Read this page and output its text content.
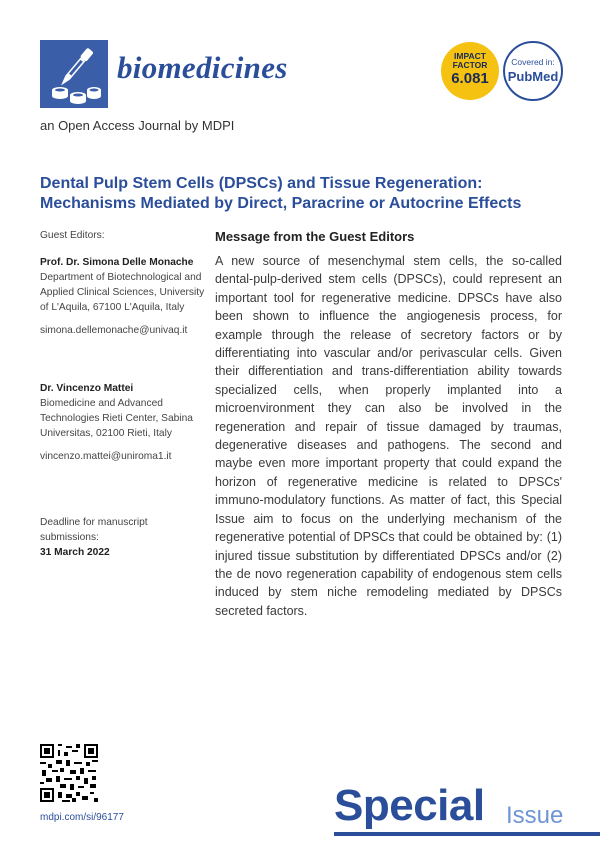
biomedicines	IMPACT
FACTOR
6.081
Covered in:
PubMed
an Open Access Journal by MDPI
Dental Pulp Stem Cells (DPSCs) and Tissue Regeneration:
Mechanisms Mediated by Direct, Paracrine or Autocrine Effects
Guest Editors:
Prof. Dr. Simona Delle Monache
Department of Biotechnological and Applied Clinical Sciences, University of L'Aquila, 67100 L'Aquila, Italy
simona.dellemonache@univaq.it
Dr. Vincenzo Mattei
Biomedicine and Advanced Technologies Rieti Center, Sabina Universitas, 02100 Rieti, Italy
vincenzo.mattei@uniroma1.it
Deadline for manuscript submissions:
31 March 2022
Message from the Guest Editors
A new source of mesenchymal stem cells, the so-called dental-pulp-derived stem cells (DPSCs), could represent an important tool for regenerative medicine. DPSCs have also been shown to influence the angiogenesis process, for example through the release of secretory factors or by differentiating into vascular and/or perivascular cells. Given their differentiation and trans-differentiation ability towards specialized cells, when properly implanted into a microenvironment they can also be involved in the regeneration and repair of tissue damaged by traumas, degenerative diseases and pathogens. The second and maybe even more important property that could expand the horizon of regenerative medicine is related to DPSCs' immuno-modulatory functions. As matter of fact, this Special Issue aim to focus on the underlying mechanism of the regenerative potential of DPSCs that could be obtained by: (1) injured tissue substitution by differentiated DPSCs and/or (2) the de novo regeneration capability of endogenous stem cells induced by stem niche remodeling mediated by DPSCs secreted factors.
mdpi.com/si/96177	Issue
Special
